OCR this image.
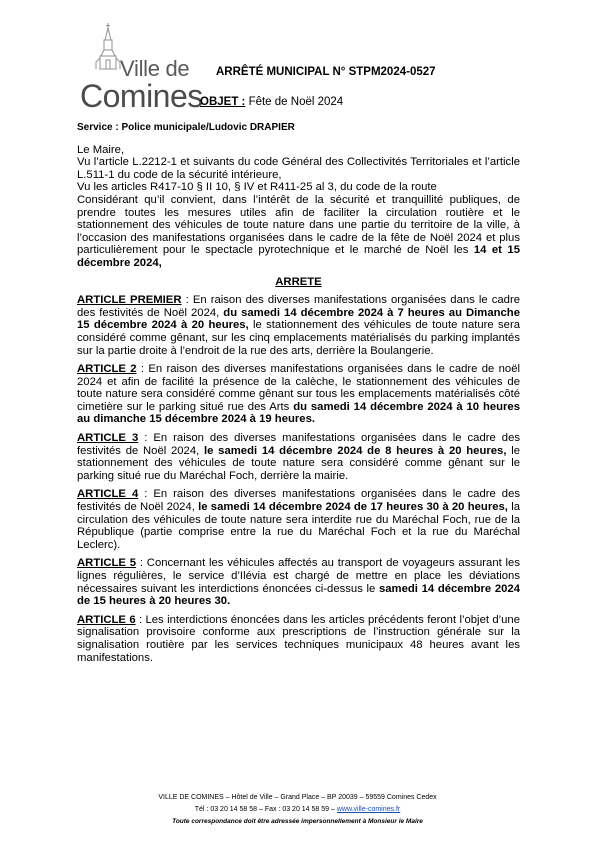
Ville de
Comines
ARRÊTÉ MUNICIPAL N° STPM2024-0527
OBJET : Fête de Noël 2024

Service : Police municipale/Ludovic DRAPIER

Le Maire,

Vu l’article L.2212-1 et suivants du code Général des Collectivités Territoriales et l’article L.511-1 du code de la sécurité intérieure,

Vu les articles R417-10 § II 10, § IV et R411-25 al 3, du code de la route

Considérant qu’il convient, dans l’intérêt de la sécurité et tranquillité publiques, de prendre toutes les mesures utiles afin de faciliter la circulation routière et le stationnement des véhicules de toute nature dans une partie du territoire de la ville, à l’occasion des manifestations organisées dans le cadre de la fête de Noël 2024 et plus particulièrement pour le spectacle pyrotechnique et le marché de Noël les 14 et 15 décembre 2024,

ARRETE

ARTICLE PREMIER : En raison des diverses manifestations organisées dans le cadre des festivités de Noël 2024, du samedi 14 décembre 2024 à 7 heures au Dimanche 15 décembre 2024 à 20 heures, le stationnement des véhicules de toute nature sera considéré comme gênant, sur les cinq emplacements matérialisés du parking implantés sur la partie droite à l’endroit de la rue des arts, derrière la Boulangerie.

ARTICLE 2 : En raison des diverses manifestations organisées dans le cadre de noël 2024 et afin de facilité la présence de la calèche, le stationnement des véhicules de toute nature sera considéré comme gênant sur tous les emplacements matérialisés côté cimetière sur le parking situé rue des Arts du samedi 14 décembre 2024 à 10 heures au dimanche 15 décembre 2024 à 19 heures.

ARTICLE 3 : En raison des diverses manifestations organisées dans le cadre des festivités de Noël 2024, le samedi 14 décembre 2024 de 8 heures à 20 heures, le stationnement des véhicules de toute nature sera considéré comme gênant sur le parking situé rue du Maréchal Foch, derrière la mairie.

ARTICLE 4 : En raison des diverses manifestations organisées dans le cadre des festivités de Noël 2024, le samedi 14 décembre 2024 de 17 heures 30 à 20 heures, la circulation des véhicules de toute nature sera interdite rue du Maréchal Foch, rue de la République (partie comprise entre la rue du Maréchal Foch et la rue du Maréchal Leclerc).

ARTICLE 5 : Concernant les véhicules affectés au transport de voyageurs assurant les lignes régulières, le service d’Ilévia est chargé de mettre en place les déviations nécessaires suivant les interdictions énoncées ci-dessus le samedi 14 décembre 2024 de 15 heures à 20 heures 30.

ARTICLE 6 : Les interdictions énoncées dans les articles précédents feront l’objet d’une signalisation provisoire conforme aux prescriptions de l’instruction générale sur la signalisation routière par les services techniques municipaux 48 heures avant les manifestations.

VILLE DE COMINES – Hôtel de Ville – Grand Place – BP 20039 – 59559 Comines Cedex
Tél : 03 20 14 58 58 – Fax : 03 20 14 58 59 – www.ville-comines.fr
Toute correspondance doit être adressée impersonnellement à Monsieur le Maire
